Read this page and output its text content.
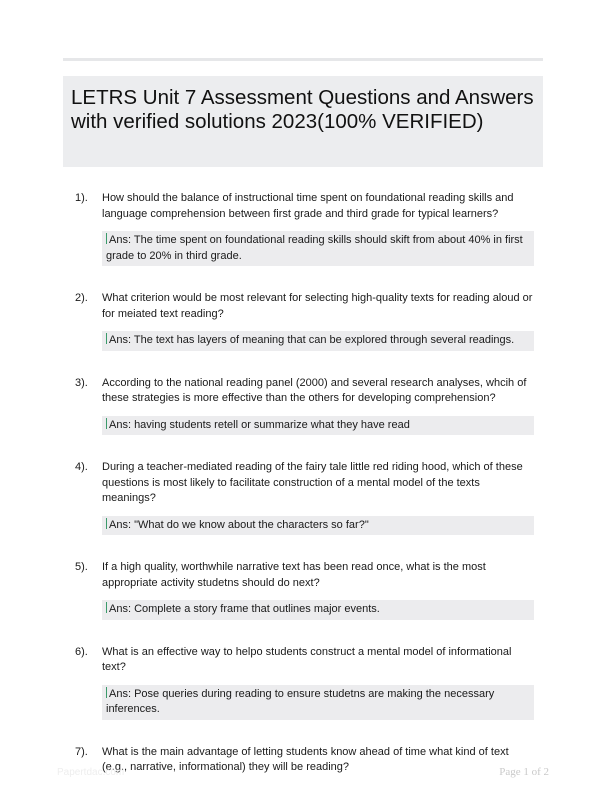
LETRS Unit 7 Assessment Questions and Answers with verified solutions 2023(100% VERIFIED)
1). How should the balance of instructional time spent on foundational reading skills and language comprehension between first grade and third grade for typical learners?
Ans: The time spent on foundational reading skills should skift from about 40% in first grade to 20% in third grade.
2). What criterion would be most relevant for selecting high-quality texts for reading aloud or for meiated text reading?
Ans: The text has layers of meaning that can be explored through several readings.
3). According to the national reading panel (2000) and several research analyses, whcih of these strategies is more effective than the others for developing comprehension?
Ans: having students retell or summarize what they have read
4). During a teacher-mediated reading of the fairy tale little red riding hood, which of these questions is most likely to facilitate construction of a mental model of the texts meanings?
Ans: "What do we know about the characters so far?"
5). If a high quality, worthwhile narrative text has been read once, what is the most appropriate activity studetns should do next?
Ans: Complete a story frame that outlines major events.
6). What is an effective way to helpo students construct a mental model of informational text?
Ans: Pose queries during reading to ensure studetns are making the necessary inferences.
7). What is the main advantage of letting students know ahead of time what kind of text (e.g., narrative, informational) they will be reading?
Papertdac.com	Page 1 of 2
